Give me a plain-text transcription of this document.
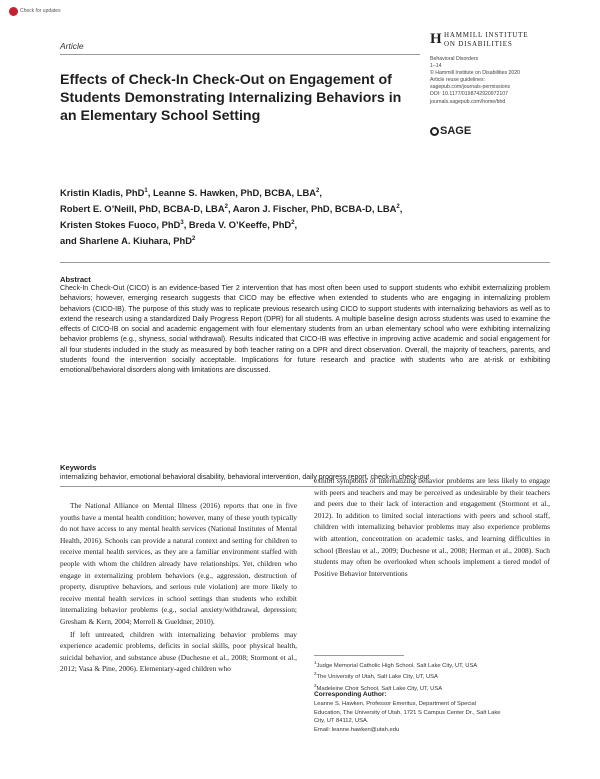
Check for updates
Article	H HAMMILL INSTITUTE
ON DISABILITIES
Behavioral Disorders
1–14
© Hammill Institute on Disabilities 2020
Article reuse guidelines:
sagepub.com/journals-permissions
DOI: 10.1177/0198742920972107
journals.sagepub.com/home/bhd
SAGE
Effects of Check-In Check-Out on Engagement of Students Demonstrating Internalizing Behaviors in an Elementary School Setting
Kristin Kladis, PhD$^1$, Leanne S. Hawken, PhD, BCBA, LBA$^2$,
Robert E. O’Neill, PhD, BCBA-D, LBA$^2$, Aaron J. Fischer, PhD, BCBA-D, LBA$^2$,
Kristen Stokes Fuoco, PhD$^3$, Breda V. O’Keeffe, PhD$^2$,
and Sharlene A. Kiuhara, PhD$^2$
Abstract
Check-In Check-Out (CICO) is an evidence-based Tier 2 intervention that has most often been used to support students who exhibit externalizing problem behaviors; however, emerging research suggests that CICO may be effective when extended to students who are engaging in internalizing problem behaviors (CICO-IB). The purpose of this study was to replicate previous research using CICO to support students with internalizing behaviors as well as to extend the research using a standardized Daily Progress Report (DPR) for all students. A multiple baseline design across students was used to examine the effects of CICO-IB on social and academic engagement with four elementary students from an urban elementary school who were exhibiting internalizing behavior problems (e.g., shyness, social withdrawal). Results indicated that CICO-IB was effective in improving active academic and social engagement for all four students included in the study as measured by both teacher rating on a DPR and direct observation. Overall, the majority of teachers, parents, and students found the intervention socially acceptable. Implications for future research and practice with students who are at-risk or exhibiting emotional/behavioral disorders along with limitations are discussed.
Keywords
internalizing behavior, emotional behavioral disability, behavioral intervention, daily progress report, check-in check-out

The National Alliance on Mental Illness (2016) reports that one in five youths have a mental health condition; however, many of these youth typically do not have access to any mental health services (National Institutes of Mental Health, 2016). Schools can provide a natural context and setting for children to receive mental health services, as they are a familiar environment staffed with people with whom the children already have relationships. Yet, children who engage in externalizing problem behaviors (e.g., aggression, destruction of property, disruptive behaviors, and serious rule violation) are more likely to receive mental health services in school settings than students who exhibit internalizing behavior problems (e.g., social anxiety/withdrawal, depression; Gresham & Kern, 2004; Merrell & Gueldner, 2010).

If left untreated, children with internalizing behavior problems may experience academic problems, deficits in social skills, poor physical health, suicidal behavior, and substance abuse (Duchesne et al., 2008; Stormont et al., 2012; Vasa & Pine, 2006). Elementary-aged children who

exhibit symptoms of internalizing behavior problems are less likely to engage with peers and teachers and may be perceived as undesirable by their teachers and peers due to their lack of interaction and engagement (Stormont et al., 2012). In addition to limited social interactions with peers and school staff, children with internalizing behavior problems may also experience problems with attention, concentration on academic tasks, and learning difficulties in school (Breslau et al., 2009; Duchesne et al., 2008; Herman et al., 2008). Such students may often be overlooked when schools implement a tiered model of Positive Behavior Interventions

$^1$Judge Memorial Catholic High School, Salt Lake City, UT, USA
$^2$The University of Utah, Salt Lake City, UT, USA
$^3$Madeleine Choir School, Salt Lake City, UT, USA
Corresponding Author:
Leanne S. Hawken, Professor Emeritus, Department of Special
Education, The University of Utah, 1721 S Campus Center Dr., Salt Lake
City, UT 84112, USA.
Email: leanne.hawken@utah.edu
